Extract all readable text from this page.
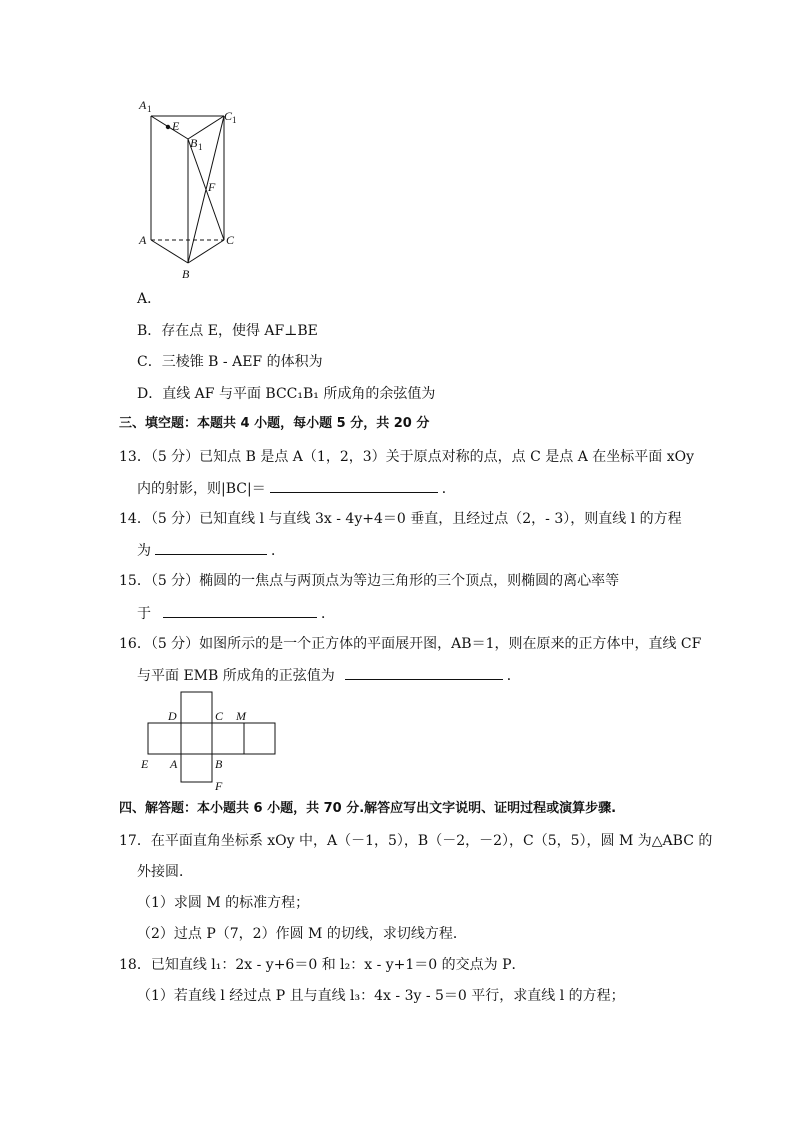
A 1
E
C 1
B 1
F
A	C
B
A．
B．存在点 E，使得 AF⊥BE
C．三棱锥 B - AEF 的体积为
D．直线 AF 与平面 BCC₁B₁ 所成角的余弦值为
三、填空题：本题共 4 小题，每小题 5 分，共 20 分
13．（5 分）已知点 B 是点 A（1，2，3）关于原点对称的点，点 C 是点 A 在坐标平面 xOy
内的射影，则|BC|＝	．
14．（5 分）已知直线 l 与直线 3x - 4y+4＝0 垂直，且经过点（2，- 3），则直线 l 的方程
为	．
15．（5 分）椭圆的一焦点与两顶点为等边三角形的三个顶点，则椭圆的离心率等
于	．
16．（5 分）如图所示的是一个正方体的平面展开图，AB＝1，则在原来的正方体中，直线 CF
与平面 EMB 所成角的正弦值为	．
D	C M
E A	B
F
四、解答题：本小题共 6 小题，共 70 分.解答应写出文字说明、证明过程或演算步骤.
17．在平面直角坐标系 xOy 中，A（－1，5），B（－2，－2），C（5，5），圆 M 为△ABC 的
外接圆．
（1）求圆 M 的标准方程；
（2）过点 P（7，2）作圆 M 的切线，求切线方程．
18．已知直线 l₁：2x - y+6＝0 和 l₂：x - y+1＝0 的交点为 P．
（1）若直线 l 经过点 P 且与直线 l₃：4x - 3y - 5＝0 平行，求直线 l 的方程；
